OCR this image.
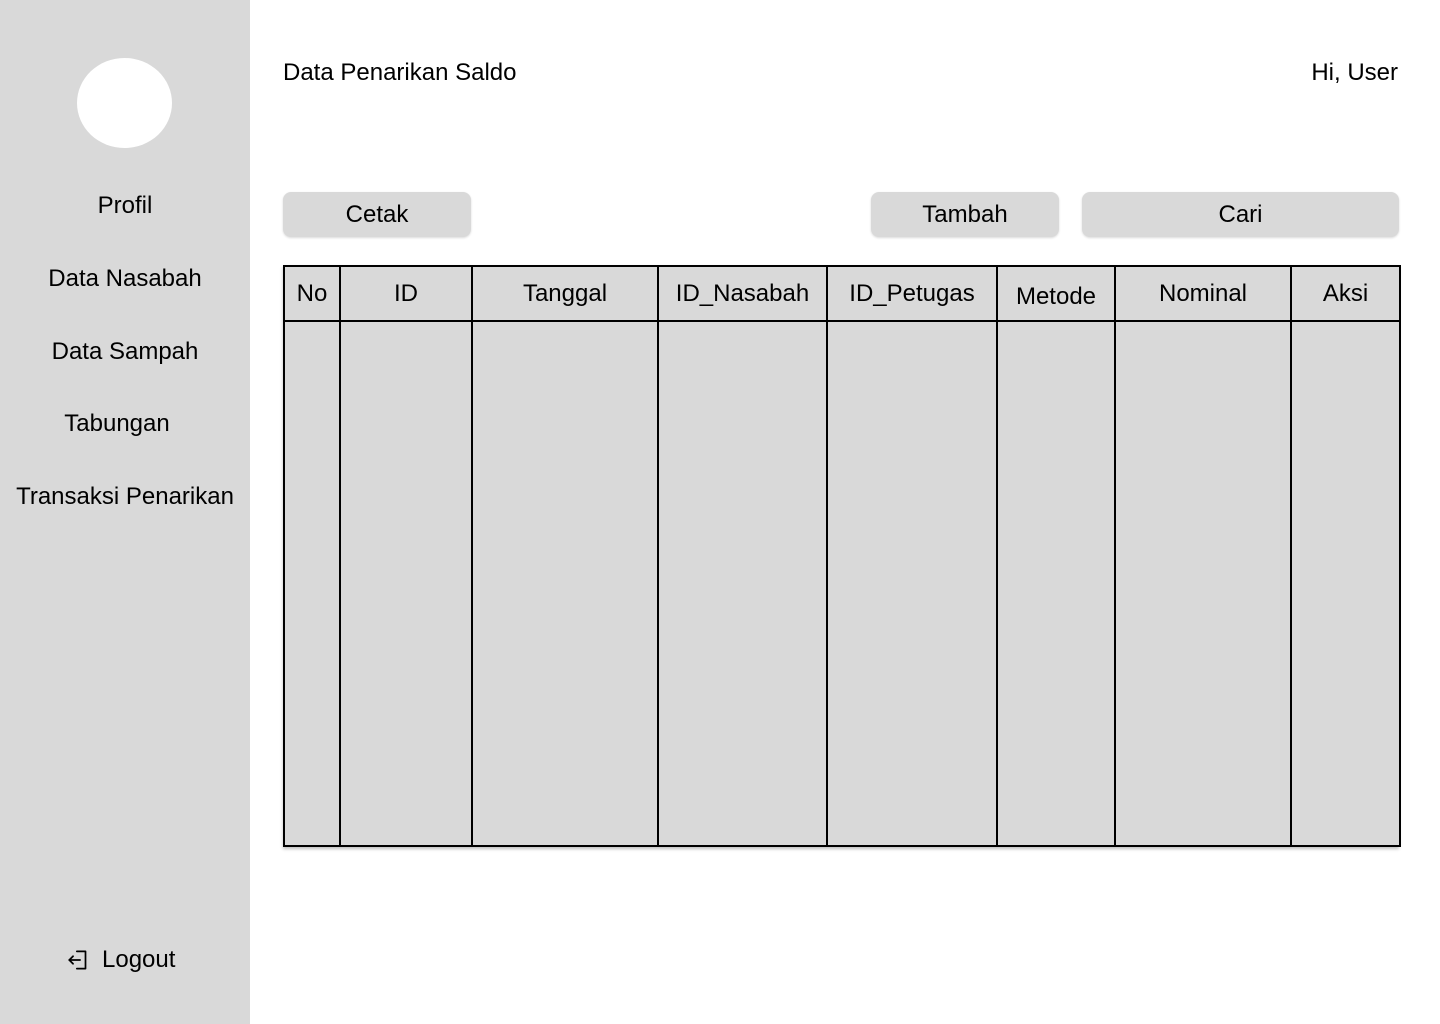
Profil
Data Nasabah
Data Sampah
Tabungan
Transaksi Penarikan
Logout
Data Penarikan Saldo	Hi, User
Cetak	Tambah	Cari
No	ID	Tanggal	ID_Nasabah	ID_Petugas	Metode	Nominal	Aksi
